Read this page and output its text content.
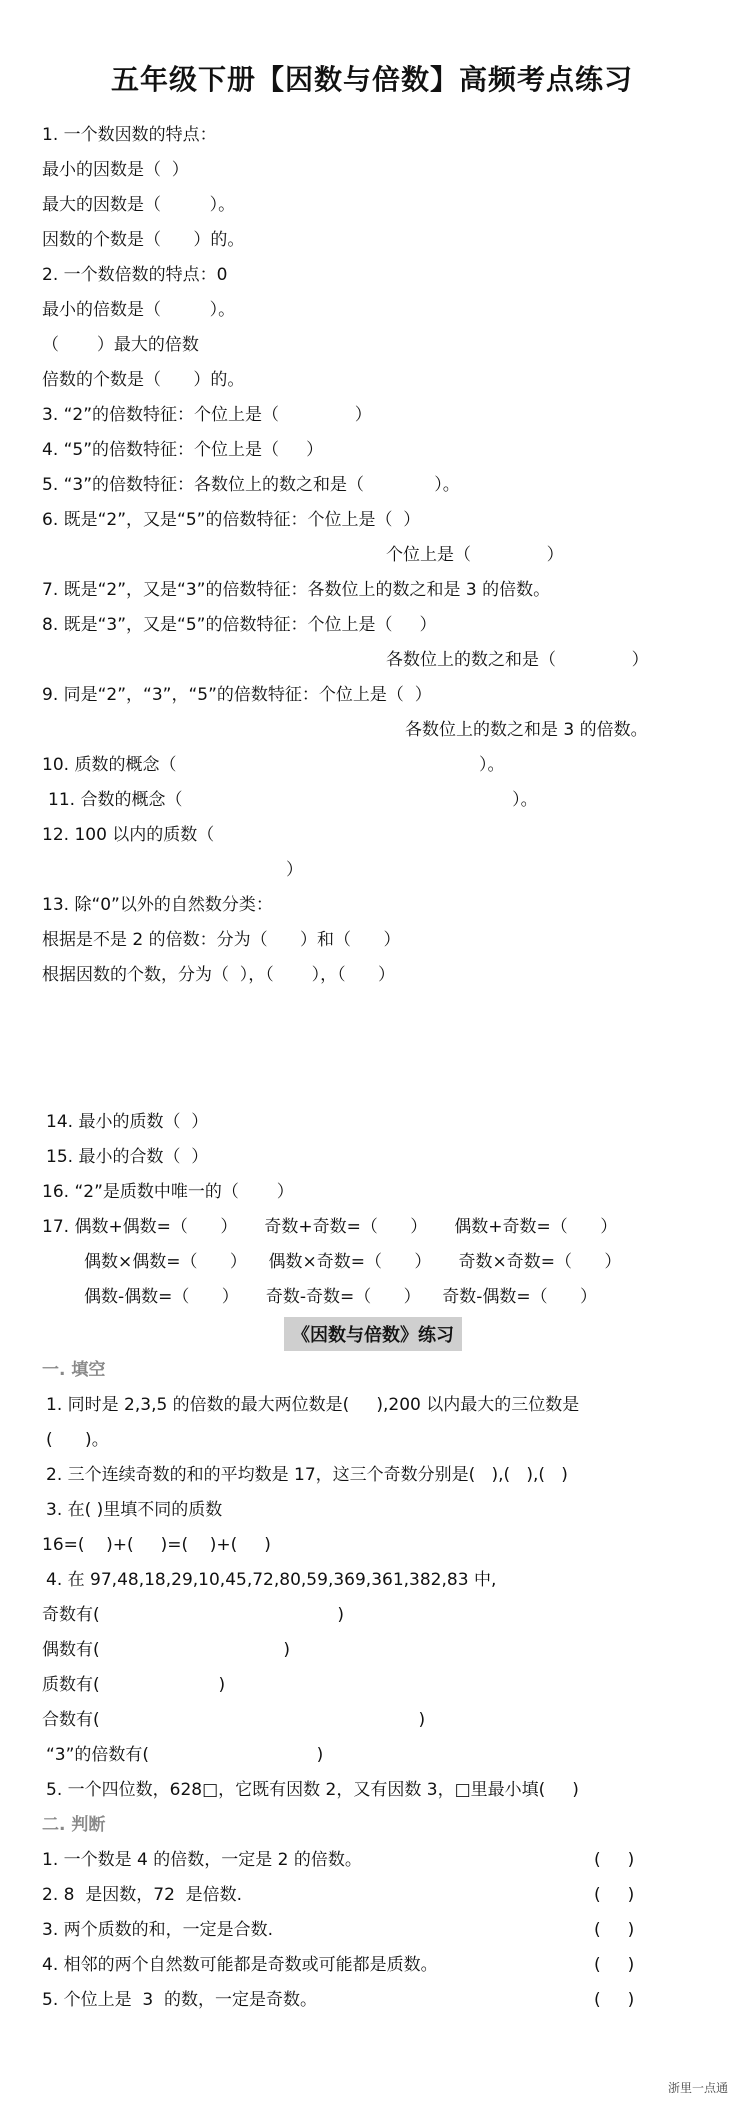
五年级下册【因数与倍数】高频考点练习
1. 一个数因数的特点：
最小的因数是（  ）
最大的因数是（         ）。
因数的个数是（      ）的。
2. 一个数倍数的特点：0
最小的倍数是（         ）。
（       ）最大的倍数
倍数的个数是（      ）的。
3. “2”的倍数特征：个位上是（              ）
4. “5”的倍数特征：个位上是（     ）
5. “3”的倍数特征：各数位上的数之和是（             ）。
6. 既是“2”，又是“5”的倍数特征：个位上是（  ）
个位上是（              ）
7. 既是“2”，又是“3”的倍数特征：各数位上的数之和是 3 的倍数。
8. 既是“3”，又是“5”的倍数特征：个位上是（     ）
各数位上的数之和是（              ）
9. 同是“2”，“3”，“5”的倍数特征：个位上是（  ）
各数位上的数之和是 3 的倍数。
10. 质数的概念（                                                        ）。
11. 合数的概念（                                                             ）。
12. 100 以内的质数（
）
13. 除“0”以外的自然数分类：
根据是不是 2 的倍数：分为（      ）和（      ）
根据因数的个数，分为（  ），（       ），（      ）
14. 最小的质数（  ）
15. 最小的合数（  ）
16. “2”是质数中唯一的（       ）
17. 偶数+偶数=（      ）     奇数+奇数=（      ）     偶数+奇数=（      ）
偶数×偶数=（      ）    偶数×奇数=（      ）     奇数×奇数=（      ）
偶数-偶数=（      ）     奇数-奇数=（      ）    奇数-偶数=（      ）
《因数与倍数》练习
一. 填空
1. 同时是 2,3,5 的倍数的最大两位数是(     ),200 以内最大的三位数是
(      )。
2. 三个连续奇数的和的平均数是 17，这三个奇数分别是(   ),(   ),(   )
3. 在( )里填不同的质数
16=(    )+(     )=(    )+(     )
4. 在 97,48,18,29,10,45,72,80,59,369,361,382,83 中,
奇数有(                                            )
偶数有(                                  )
质数有(                      )
合数有(                                                           )
“3”的倍数有(                               )
5. 一个四位数，628□，它既有因数 2，又有因数 3，□里最小填(     )
二. 判断
1. 一个数是 4 的倍数，一定是 2 的倍数。	(     )
2. 8  是因数，72  是倍数.	(     )
3. 两个质数的和，一定是合数.	(     )
4. 相邻的两个自然数可能都是奇数或可能都是质数。	(     )
5. 个位上是  3  的数，一定是奇数。	(     )
浙里一点通
